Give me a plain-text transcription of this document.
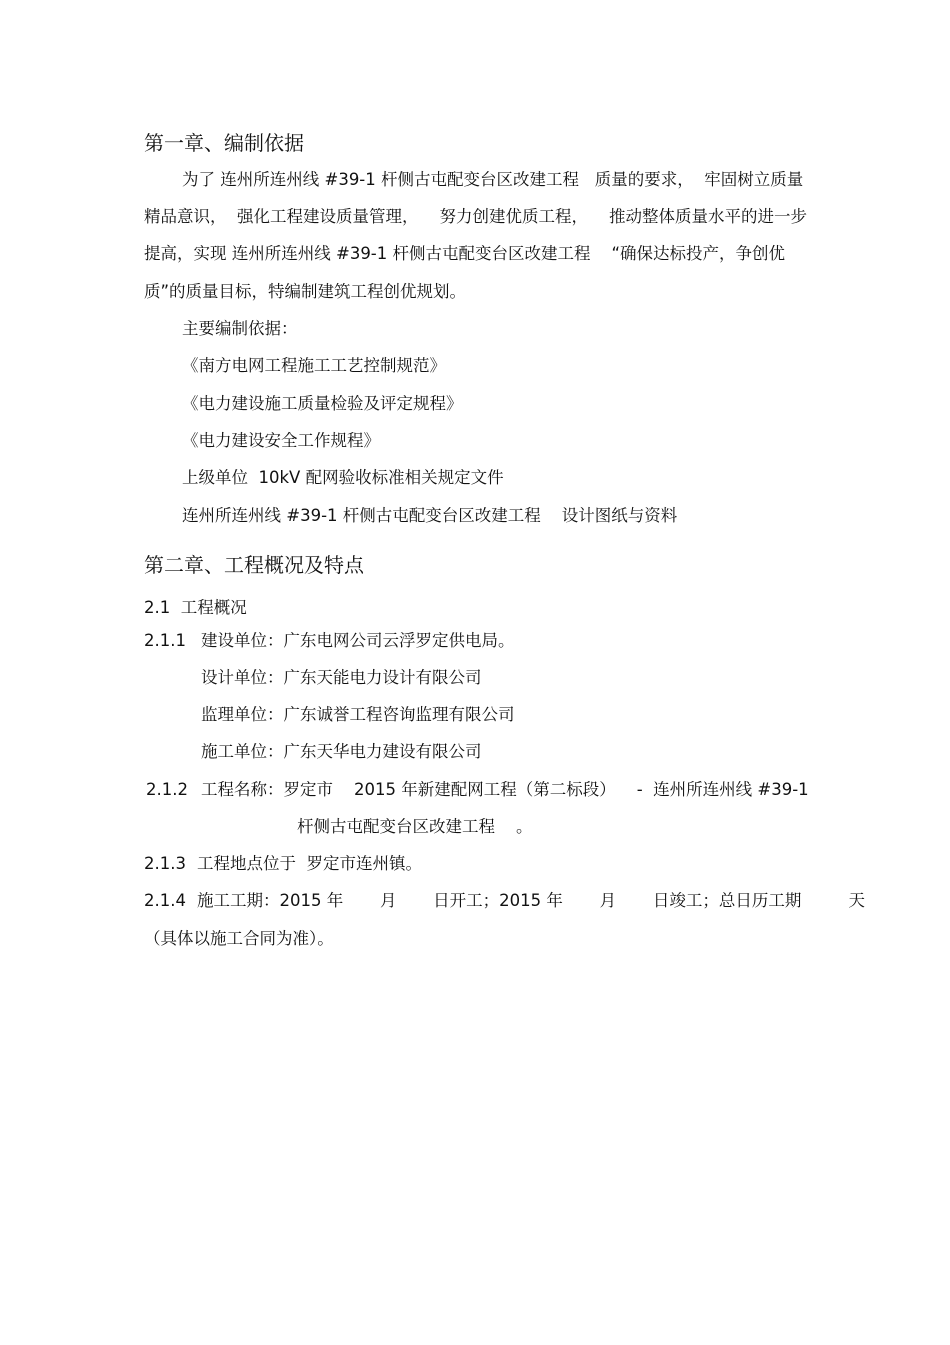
第一章、编制依据
为了 连州所连州线 #39-1 杆侧古屯配变台区改建工程   质量的要求，  牢固树立质量
精品意识，  强化工程建设质量管理，    努力创建优质工程，    推动整体质量水平的进一步
提高，实现 连州所连州线 #39-1 杆侧古屯配变台区改建工程    “确保达标投产，争创优
质”的质量目标，特编制建筑工程创优规划。
主要编制依据：
《南方电网工程施工工艺控制规范》
《电力建设施工质量检验及评定规程》
《电力建设安全工作规程》
上级单位  10kV 配网验收标准相关规定文件
连州所连州线 #39-1 杆侧古屯配变台区改建工程    设计图纸与资料
第二章、工程概况及特点
2.1  工程概况
2.1.1 建设单位：广东电网公司云浮罗定供电局。
设计单位：广东天能电力设计有限公司
监理单位：广东诚誉工程咨询监理有限公司
施工单位：广东天华电力建设有限公司
2.1.2 工程名称：罗定市    2015 年新建配网工程（第二标段）    -  连州所连州线 #39-1
杆侧古屯配变台区改建工程    。
2.1.3 工程地点位于  罗定市连州镇。
2.1.4 施工工期：2015 年       月       日开工；2015 年       月       日竣工；总日历工期         天
（具体以施工合同为准）。
